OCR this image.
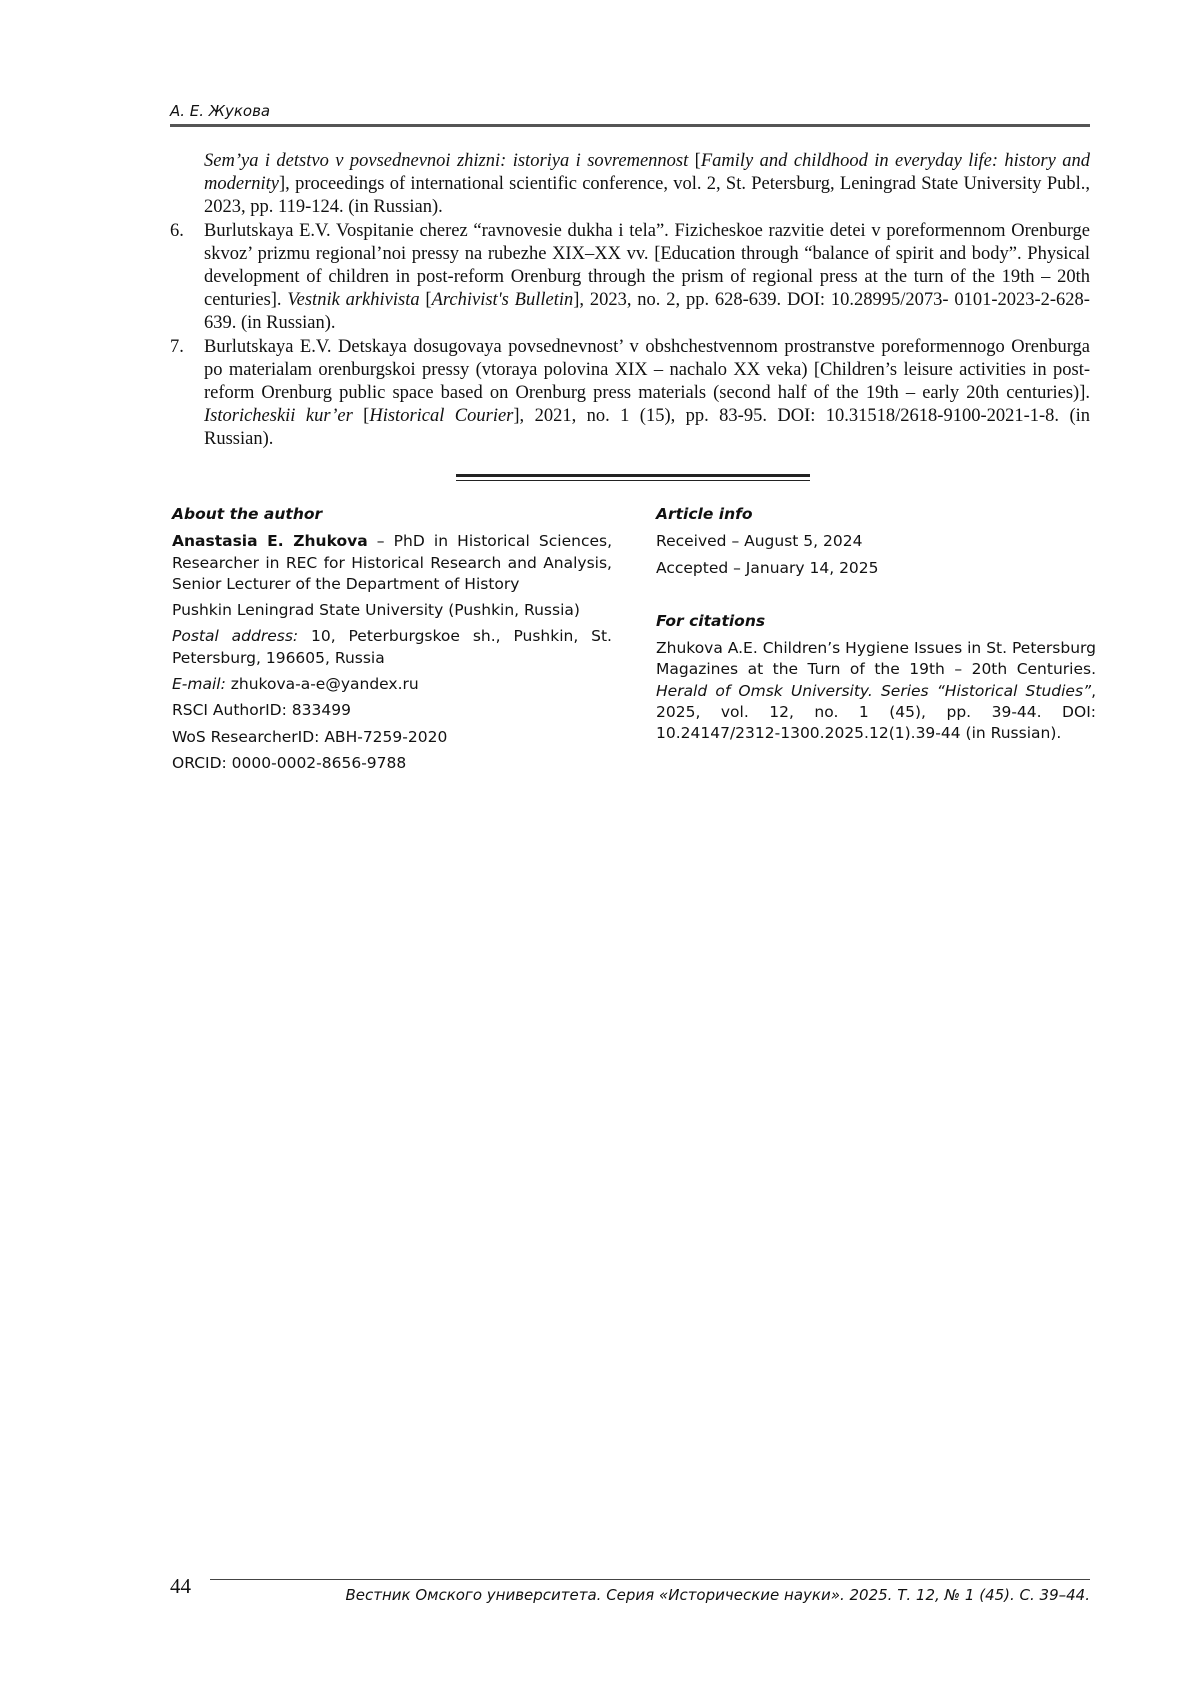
А. Е. Жукова
Sem’ya i detstvo v povsednevnoi zhizni: istoriya i sovremennost [Family and childhood in everyday life: history and modernity], proceedings of international scientific conference, vol. 2, St. Petersburg, Leningrad State University Publ., 2023, pp. 119-124. (in Russian).
6.	Burlutskaya E.V. Vospitanie cherez “ravnovesie dukha i tela”. Fizicheskoe razvitie detei v poreformennom Orenburge skvoz’ prizmu regional’noi pressy na rubezhe XIX–XX vv. [Education through “balance of spirit and body”. Physical development of children in post-reform Orenburg through the prism of regional press at the turn of the 19th – 20th centuries]. Vestnik arkhivista [Archivist's Bulletin], 2023, no. 2, pp. 628-639. DOI: 10.28995/2073- 0101-2023-2-628-639. (in Russian).
7.	Burlutskaya E.V. Detskaya dosugovaya povsednevnost’ v obshchestvennom prostranstve poreformennogo Orenburga po materialam orenburgskoi pressy (vtoraya polovina XIX – nachalo XX veka) [Children’s leisure activities in post-reform Orenburg public space based on Orenburg press materials (second half of the 19th – early 20th centuries)]. Istoricheskii kur’er [Historical Courier], 2021, no. 1 (15), pp. 83-95. DOI: 10.31518/2618-9100-2021-1-8. (in Russian).
About the author
Anastasia E. Zhukova – PhD in Historical Sciences, Researcher in REC for Historical Research and Analysis, Senior Lecturer of the Department of History
Pushkin Leningrad State University (Pushkin, Russia)
Postal address: 10, Peterburgskoe sh., Pushkin, St. Petersburg, 196605, Russia
E-mail: zhukova-a-e@yandex.ru
RSCI AuthorID: 833499
WoS ResearcherID: ABH-7259-2020
ORCID: 0000-0002-8656-9788
Article info
Received – August 5, 2024
Accepted – January 14, 2025
For citations
Zhukova A.E. Children’s Hygiene Issues in St. Petersburg Magazines at the Turn of the 19th – 20th Centuries. Herald of Omsk University. Series “Historical Studies”, 2025, vol. 12, no. 1 (45), pp. 39-44. DOI: 10.24147/2312-1300.2025.12(1).39-44 (in Russian).
44	Вестник Омского университета. Серия «Исторические науки». 2025. Т. 12, № 1 (45). С. 39–44.
